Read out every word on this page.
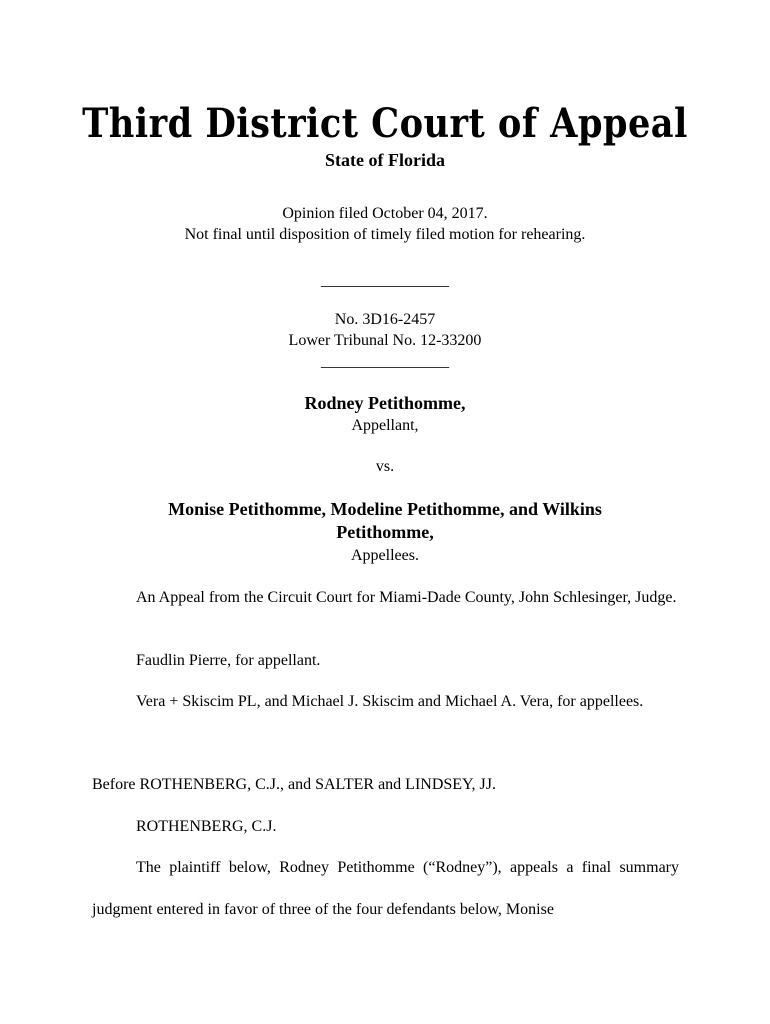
Third District Court of Appeal
State of Florida
Opinion filed October 04, 2017.
Not final until disposition of timely filed motion for rehearing.
________________
No. 3D16-2457
Lower Tribunal No. 12-33200
________________
Rodney Petithomme,
Appellant,
vs.
Monise Petithomme, Modeline Petithomme, and Wilkins
Petithomme,
Appellees.
An Appeal from the Circuit Court for Miami-Dade County, John Schlesinger, Judge.
Faudlin Pierre, for appellant.
Vera + Skiscim PL, and Michael J. Skiscim and Michael A. Vera, for appellees.
Before ROTHENBERG, C.J., and SALTER and LINDSEY, JJ.
ROTHENBERG, C.J.
The plaintiff below, Rodney Petithomme (“Rodney”), appeals a final summary judgment entered in favor of three of the four defendants below, Monise
